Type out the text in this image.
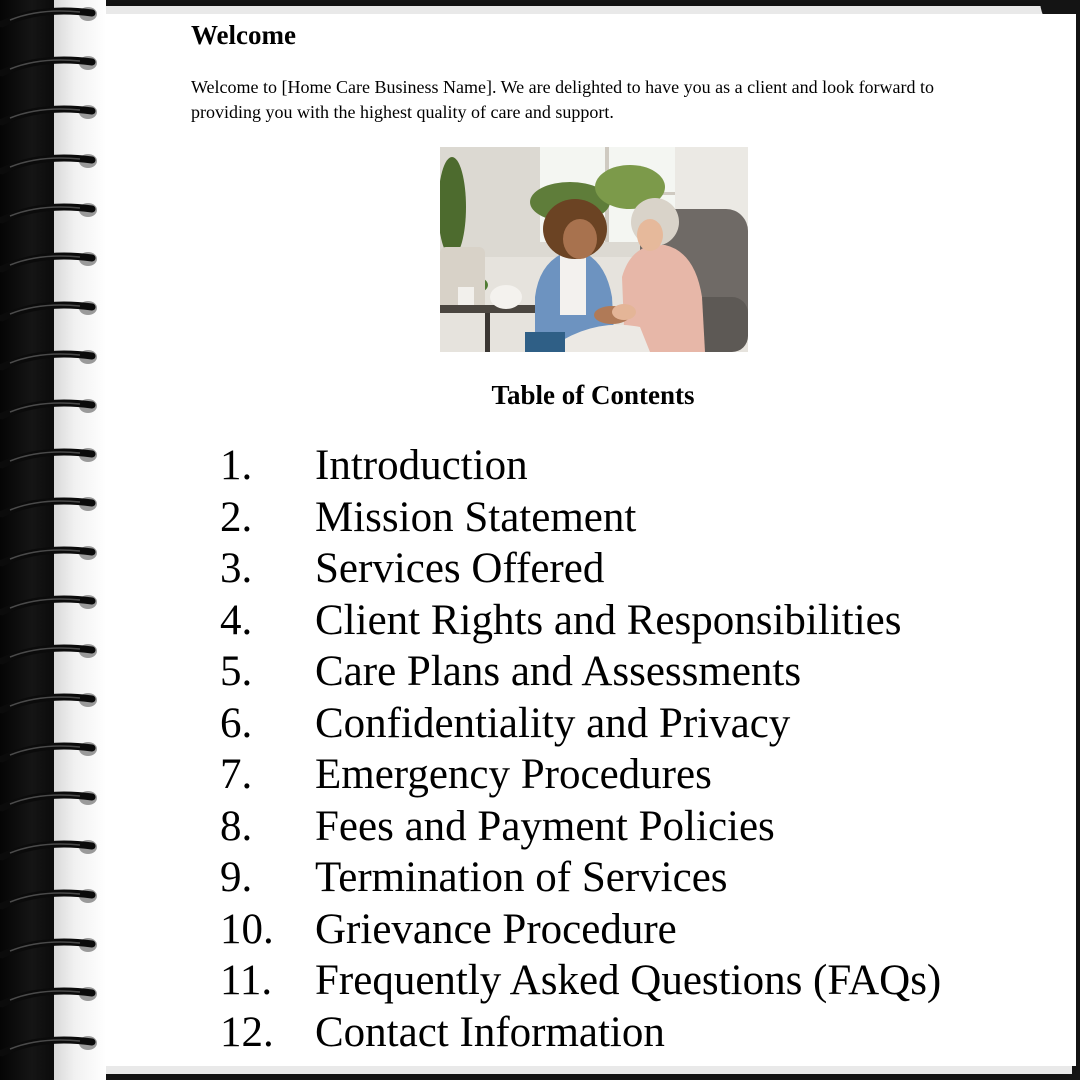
Welcome

Welcome to [Home Care Business Name]. We are delighted to have you as a client and look forward to providing you with the highest quality of care and support.

Table of Contents
1. Introduction
2. Mission Statement
3. Services Offered
4. Client Rights and Responsibilities
5. Care Plans and Assessments
6. Confidentiality and Privacy
7. Emergency Procedures
8. Fees and Payment Policies
9. Termination of Services
10. Grievance Procedure
11. Frequently Asked Questions (FAQs)
12. Contact Information
